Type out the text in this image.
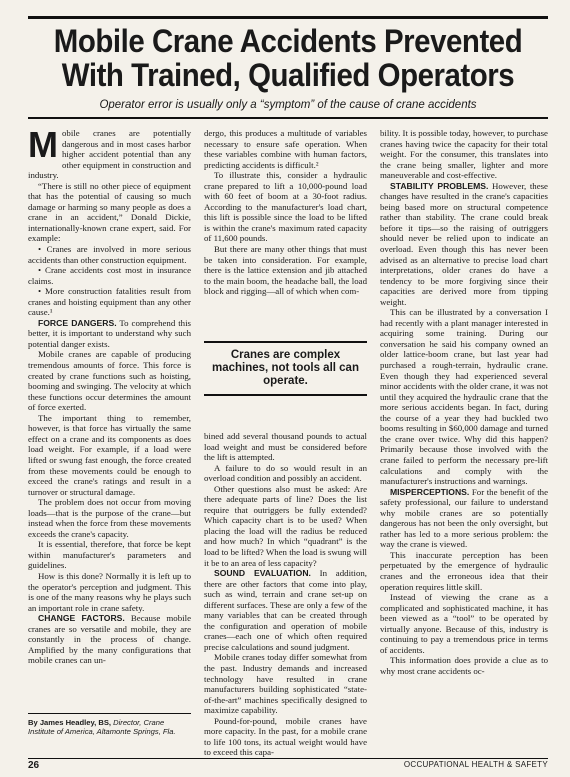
Mobile Crane Accidents Prevented
With Trained, Qualified Operators
Operator error is usually only a “symptom” of the cause of crane accidents

Mobile cranes are potentially dangerous and in most cases harbor higher accident potential than any other equipment in construction and industry.

“There is still no other piece of equipment that has the potential of causing so much damage or harming so many people as does a crane in an accident,” Donald Dickie, internationally-known crane expert, said. For example:

• Cranes are involved in more serious accidents than other construction equipment.

• Crane accidents cost most in insurance claims.

• More construction fatalities result from cranes and hoisting equipment than any other cause.¹

FORCE DANGERS. To comprehend this better, it is important to understand why such potential danger exists.

Mobile cranes are capable of producing tremendous amounts of force. This force is created by crane functions such as hoisting, booming and swinging. The velocity at which these functions occur determines the amount of force exerted.

The important thing to remember, however, is that force has virtually the same effect on a crane and its components as does load weight. For example, if a load were lifted or swung fast enough, the force created from these movements could be enough to exceed the crane's ratings and result in a turnover or structural damage.

The problem does not occur from moving loads—that is the purpose of the crane—but instead when the force from these movements exceeds the crane's capacity.

It is essential, therefore, that force be kept within manufacturer's parameters and guidelines.

How is this done? Normally it is left up to the operator's perception and judgment. This is one of the many reasons why he plays such an important role in crane safety.

CHANGE FACTORS. Because mobile cranes are so versatile and mobile, they are constantly in the process of change. Amplified by the many configurations that mobile cranes can un-

By James Headley, BS, Director, Crane Institute of America, Altamonte Springs, Fla.

dergo, this produces a multitude of variables necessary to ensure safe operation. When these variables combine with human factors, predicting accidents is difficult.²

To illustrate this, consider a hydraulic crane prepared to lift a 10,000-pound load with 60 feet of boom at a 30-foot radius. According to the manufacturer's load chart, this lift is possible since the load to be lifted is within the crane's maximum rated capacity of 11,600 pounds.

But there are many other things that must be taken into consideration. For example, there is the lattice extension and jib attached to the main boom, the headache ball, the load block and rigging—all of which when com-

Cranes are complex machines, not tools all can operate.

bined add several thousand pounds to actual load weight and must be considered before the lift is attempted.

A failure to do so would result in an overload condition and possibly an accident.

Other questions also must be asked: Are there adequate parts of line? Does the list require that outriggers be fully extended? Which capacity chart is to be used? When placing the load will the radius be reduced and how much? In which “quadrant” is the load to be lifted? When the load is swung will it be to an area of less capacity?

SOUND EVALUATION. In addition, there are other factors that come into play, such as wind, terrain and crane set-up on different surfaces. These are only a few of the many variables that can be created through the configuration and operation of mobile cranes—each one of which often required precise calculations and sound judgment.

Mobile cranes today differ somewhat from the past. Industry demands and increased technology have resulted in crane manufacturers building sophisticated “state-of-the-art” machines specifically designed to maximize capability.

Pound-for-pound, mobile cranes have more capacity. In the past, for a mobile crane to life 100 tons, its actual weight would have to exceed this capa-

bility. It is possible today, however, to purchase cranes having twice the capacity for their total weight. For the consumer, this translates into the crane being smaller, lighter and more maneuverable and cost-effective.

STABILITY PROBLEMS. However, these changes have resulted in the crane's capacities being based more on structural competence rather than stability. The crane could break before it tips—so the raising of outriggers should never be relied upon to indicate an overload. Even though this has never been advised as an alternative to precise load chart interpretations, older cranes do have a tendency to be more forgiving since their capacities are derived more from tipping weight.

This can be illustrated by a conversation I had recently with a plant manager interested in acquiring some training. During our conversation he said his company owned an older lattice-boom crane, but last year had purchased a rough-terrain, hydraulic crane. Even though they had experienced several minor accidents with the older crane, it was not until they acquired the hydraulic crane that the more serious accidents began. In fact, during the course of a year they had buckled two booms resulting in $60,000 damage and turned the crane over twice. Why did this happen? Primarily because those involved with the crane failed to perform the necessary pre-lift calculations and comply with the manufacturer's instructions and warnings.

MISPERCEPTIONS. For the benefit of the safety professional, our failure to understand why mobile cranes are so potentially dangerous has not been the only oversight, but rather has led to a more serious problem: the way the crane is viewed.

This inaccurate perception has been perpetuated by the emergence of hydraulic cranes and the erroneous idea that their operation requires little skill.

Instead of viewing the crane as a complicated and sophisticated machine, it has been viewed as a “tool” to be operated by virtually anyone. Because of this, industry is continuing to pay a tremendous price in terms of accidents.

This information does provide a clue as to why most crane accidents oc-

26	OCCUPATIONAL HEALTH & SAFETY
